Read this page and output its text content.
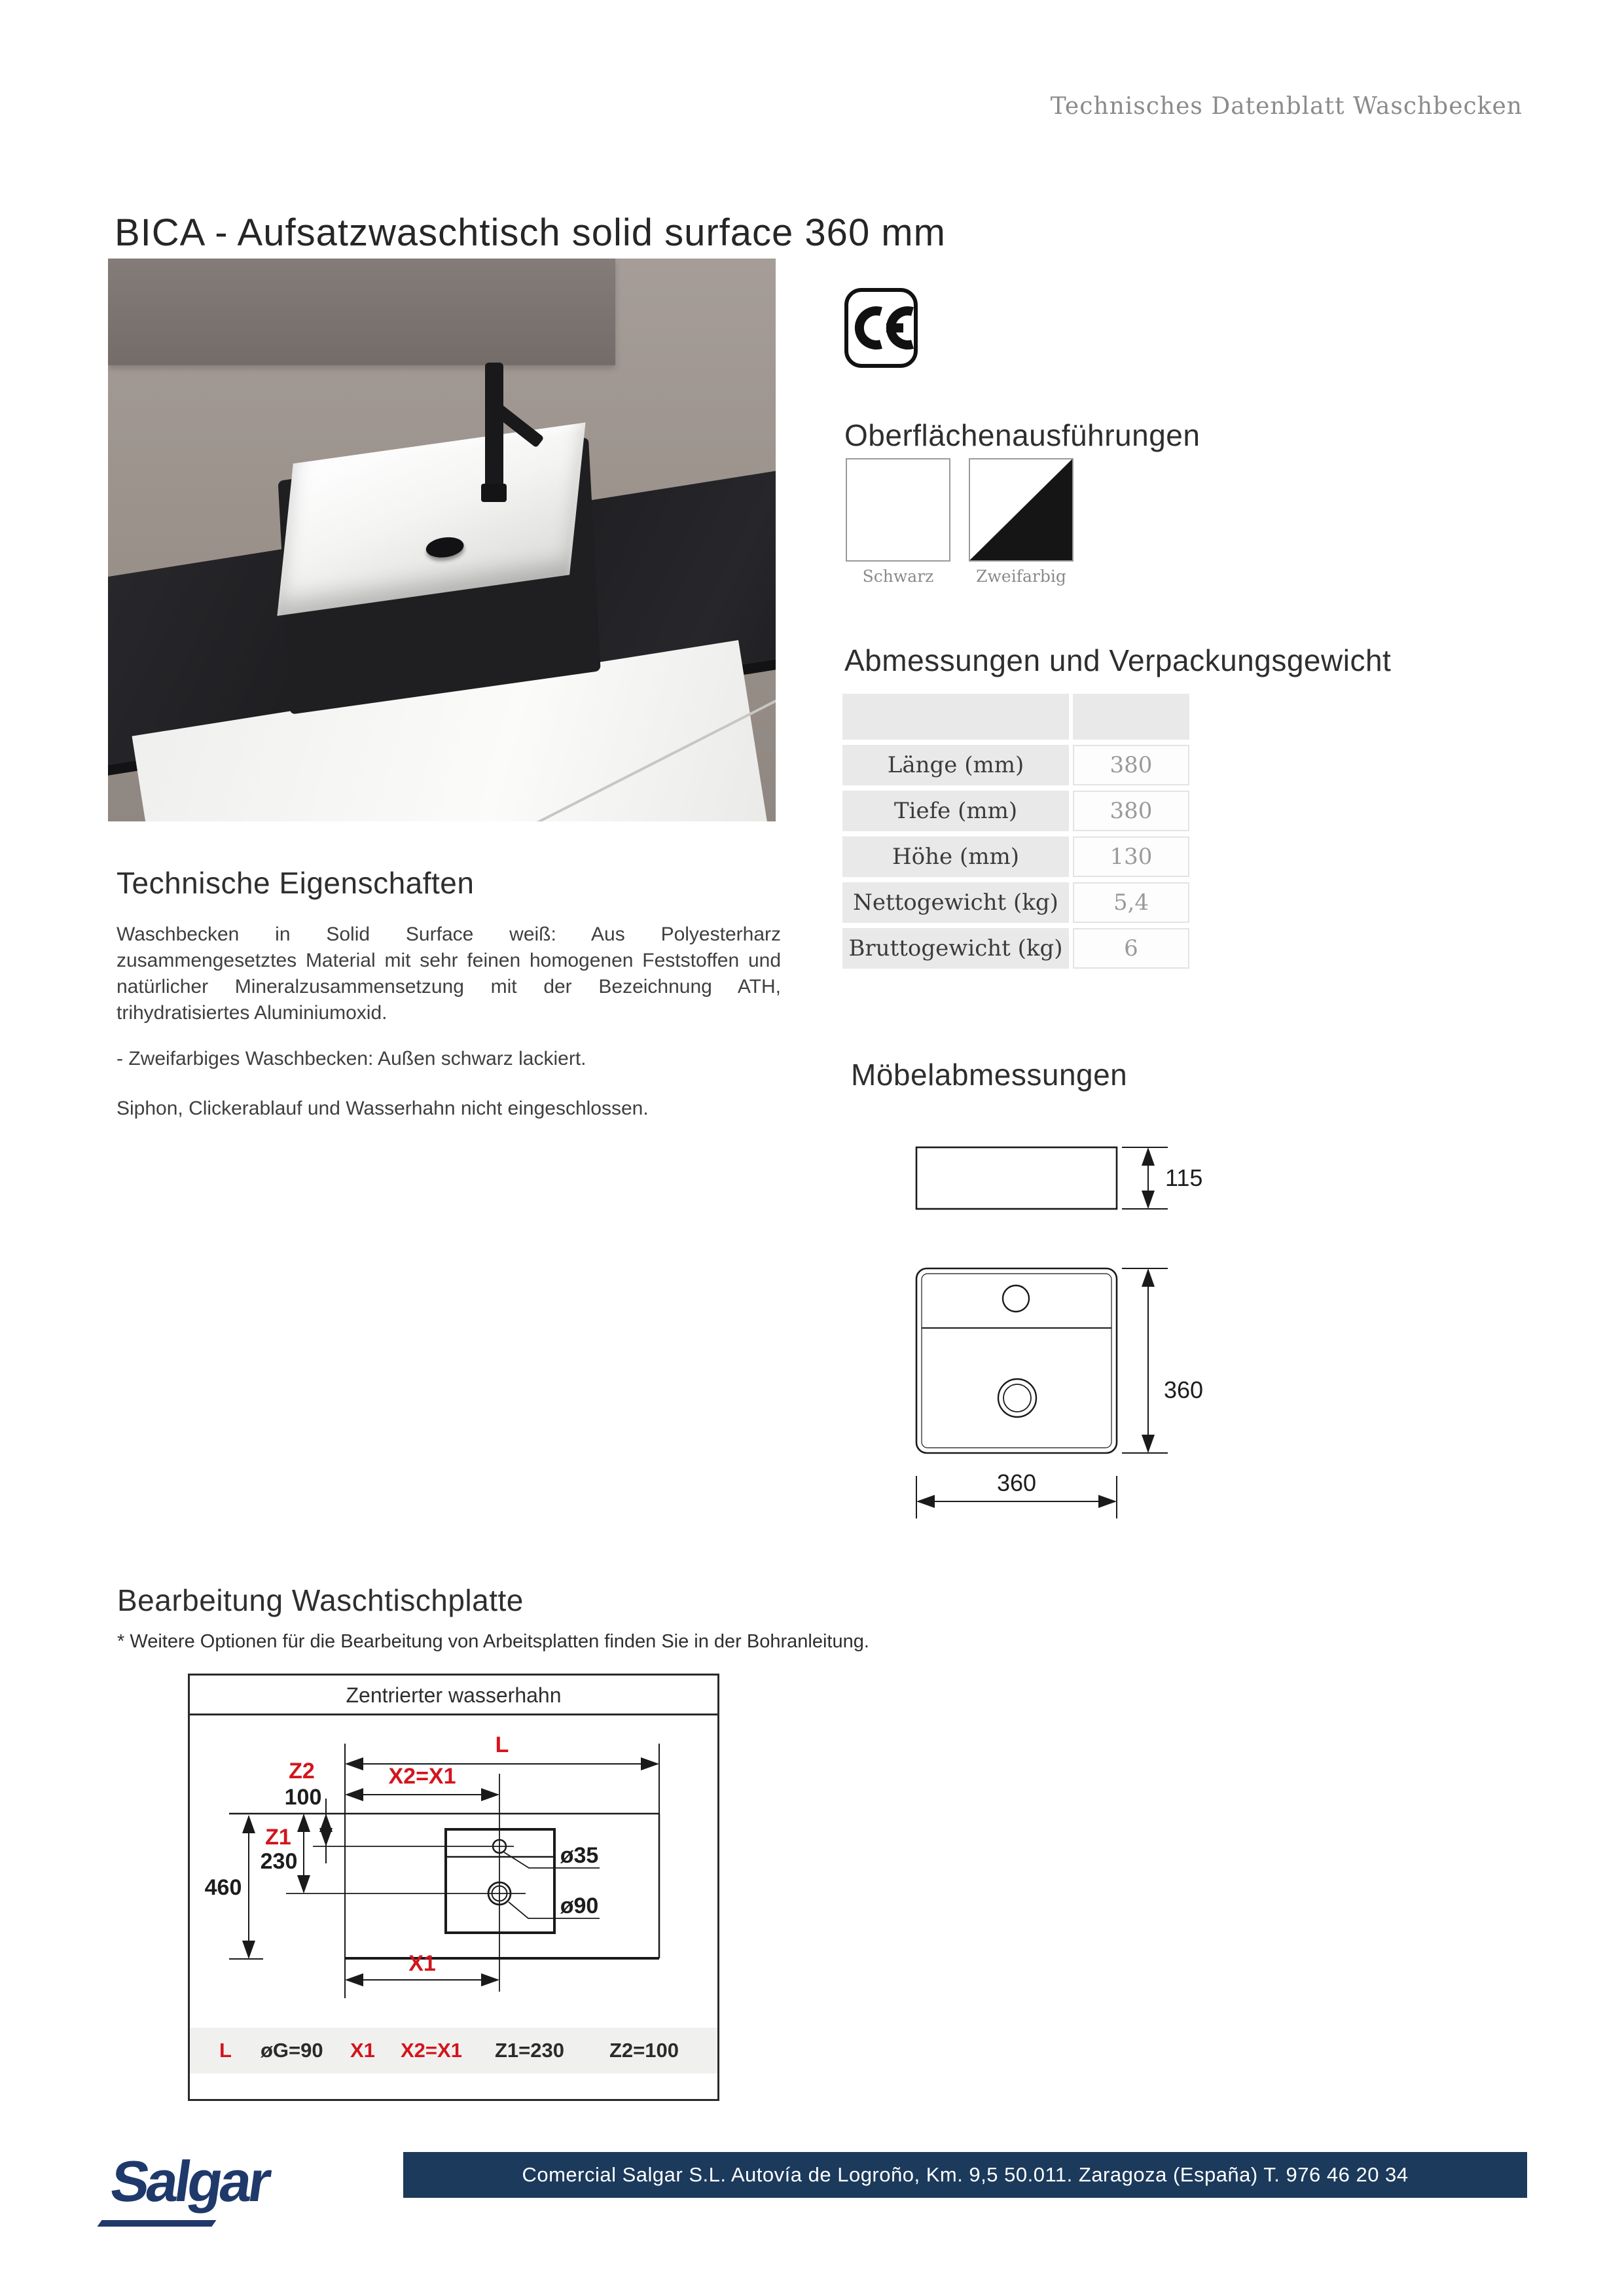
Technisches Datenblatt Waschbecken
BICA - Aufsatzwaschtisch solid surface 360 mm
Oberflächenausführungen
Schwarz	Zweifarbig
Abmessungen und Verpackungsgewicht
Länge (mm)	380
Tiefe (mm)	380
Höhe (mm)	130
Nettogewicht (kg)	5,4
Bruttogewicht (kg)	6
Technische Eigenschaften
Waschbecken in Solid Surface weiß: Aus Polyesterharz zusammengesetztes Material mit sehr feinen homogenen Feststoffen und natürlicher Mineralzusammensetzung mit der Bezeichnung ATH, trihydratisiertes Aluminiumoxid.
- Zweifarbiges Waschbecken: Außen schwarz lackiert.
Siphon, Clickerablauf und Wasserhahn nicht eingeschlossen.
Möbelabmessungen
115
360
360
Bearbeitung Waschtischplatte
* Weitere Optionen für die Bearbeitung von Arbeitsplatten finden Sie in der Bohranleitung.
Zentrierter wasserhahn
L øG=90 X1 X2=X1 Z1=230 Z2=100
L
X2=X1
X1
Z2
100
Z1
230
460
ø35
ø90
Salgar	Comercial Salgar S.L. Autovía de Logroño, Km. 9,5 50.011. Zaragoza (España) T. 976 46 20 34
